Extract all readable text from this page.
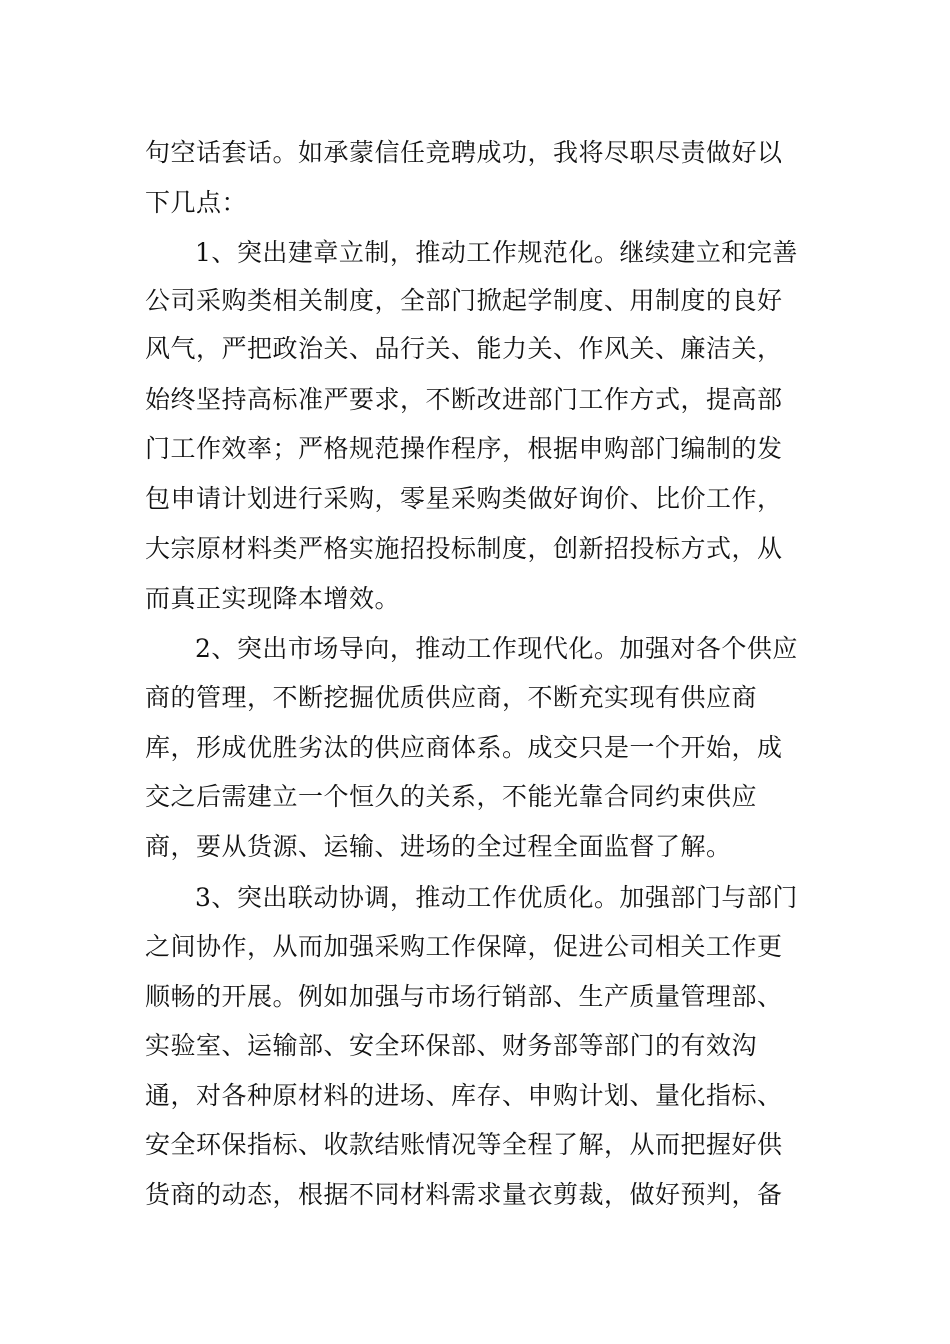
句空话套话。如承蒙信任竞聘成功，我将尽职尽责做好以
下几点：
1、突出建章立制，推动工作规范化。继续建立和完善
公司采购类相关制度，全部门掀起学制度、用制度的良好
风气，严把政治关、品行关、能力关、作风关、廉洁关，
始终坚持高标准严要求，不断改进部门工作方式，提高部
门工作效率；严格规范操作程序，根据申购部门编制的发
包申请计划进行采购，零星采购类做好询价、比价工作，
大宗原材料类严格实施招投标制度，创新招投标方式，从
而真正实现降本增效。
2、突出市场导向，推动工作现代化。加强对各个供应
商的管理，不断挖掘优质供应商，不断充实现有供应商
库，形成优胜劣汰的供应商体系。成交只是一个开始，成
交之后需建立一个恒久的关系，不能光靠合同约束供应
商，要从货源、运输、进场的全过程全面监督了解。
3、突出联动协调，推动工作优质化。加强部门与部门
之间协作，从而加强采购工作保障，促进公司相关工作更
顺畅的开展。例如加强与市场行销部、生产质量管理部、
实验室、运输部、安全环保部、财务部等部门的有效沟
通，对各种原材料的进场、库存、申购计划、量化指标、
安全环保指标、收款结账情况等全程了解，从而把握好供
货商的动态，根据不同材料需求量衣剪裁，做好预判，备
